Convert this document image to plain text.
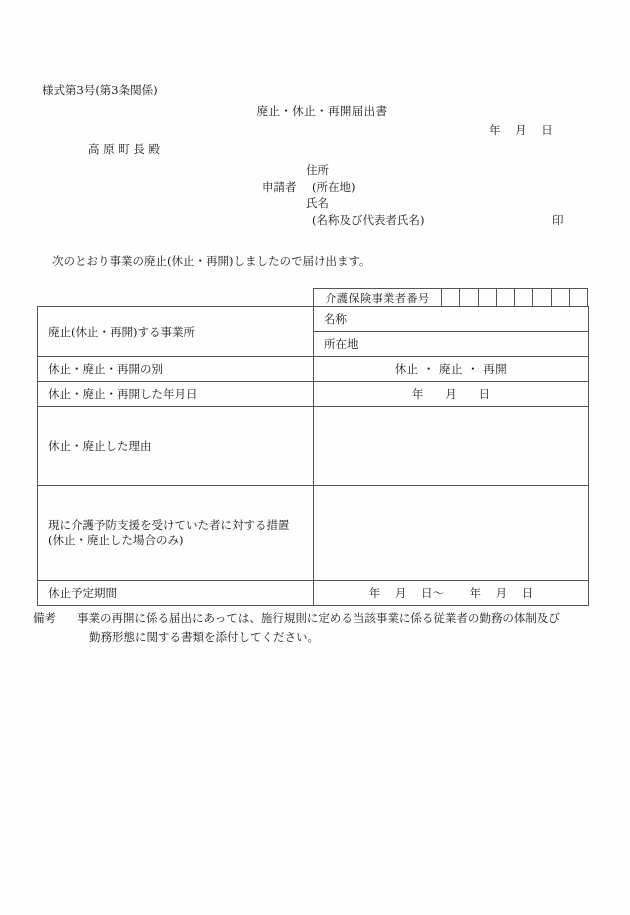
様式第3号(第3条関係)
廃止・休止・再開届出書
年    月    日
高原町長殿
住所
申請者 (所在地)
氏名
(名称及び代表者氏名)	印
次のとおり事業の廃止(休止・再開)しましたので届け出ます。
介護保険事業者番号
廃止(休止・再開)する事業所	名称
	所在地
休止・廃止・再開の別	休止 ・ 廃止 ・ 再開
休止・廃止・再開した年月日	年      月      日
休止・廃止した理由	

現に介護予防支援を受けていた者に対する措置
(休止・廃止した場合のみ)	

休止予定期間	年    月    日〜       年    月    日
備考 事業の再開に係る届出にあっては、施行規則に定める当該事業に係る従業者の勤務の体制及び
勤務形態に関する書類を添付してください。
